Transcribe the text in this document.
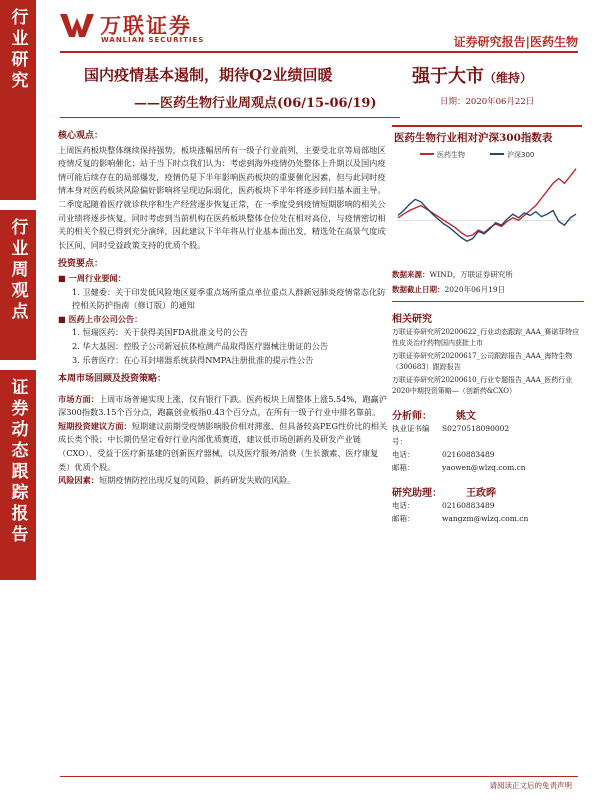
万联证券
WANLIAN SECURITIES	证券研究报告|医药生物
行业研究
行业周观点
证券动态跟踪报告
国内疫情基本遏制，期待Q2业绩回暖
——医药生物行业周观点(06/15-06/19)
强于大市（维持）
日期：2020年06月22日

核心观点：

上周医药板块整体继续保持强势，板块涨幅居所有一级子行业前列，主要受北京等局部地区疫情反复的影响催化；站于当下时点我们认为：考虑到海外疫情仍处整体上升期以及国内疫情可能后续存在的局部爆发，疫情仍是下半年影响医药板块的重要催化因素，但与此同时疫情本身对医药板块风险偏好影响将呈现边际弱化，医药板块下半年将逐步回归基本面主导。二季度起随着医疗就诊秩序和生产经营逐步恢复正常，在一季度受到疫情短期影响的相关公司业绩将逐步恢复，同时考虑到当前机构在医药板块整体仓位处在相对高位，与疫情密切相关的相关个股已得到充分演绎，因此建议下半年将从行业基本面出发，精选处在高景气度成长区间、同时受益政策支持的优质个股。

投资要点：

■ 一周行业要闻：

1. 卫健委：关于印发低风险地区夏季重点场所重点单位重点人群新冠肺炎疫情常态化防控相关防护指南（修订版）的通知

■ 医药上市公司公告：

1. 恒瑞医药：关于获得美国FDA批准文号的公告

2. 华大基因：控股子公司新冠抗体检测产品取得医疗器械注册证的公告

3. 乐普医疗：在心耳封堵器系统获得NMPA注册批准的提示性公告

本周市场回顾及投资策略：

市场方面：上周市场普遍实现上涨，仅有银行下跌。医药板块上周整体上涨5.54%，跑赢沪深300指数3.15个百分点，跑赢创业板指0.43个百分点，在所有一级子行业中排名靠前。

短期投资建议方面：短期建议前期受疫情影响股价相对滞涨、但具备较高PEG性价比的相关成长类个股；中长期仍坚定看好行业内部优质赛道，建议低市场创新药及研发产业链（CXO）、受益于医疗新基建的创新医疗器械、以及医疗服务/消费（生长激素、医疗康复类）优质个股。

风险因素：短期疫情防控出现反复的风险、新药研发失败的风险。

医药生物行业相对沪深300指数表
医药生物	沪深300
数据来源：WIND，万联证券研究所
数据截止日期：2020年06月19日
相关研究
万联证券研究所20200622_行业动态跟踪_AAA_赛诺菲特应性皮炎治疗药物国内获批上市
万联证券研究所20200617_公司跟踪报告_AAA_海特生物（300683）跟踪报告
万联证券研究所20200610_行业专题报告_AAA_医药行业2020中期投资策略—（创新药&CXO）
分析师： 姚文
执业证书编号：
S0270518090002
电话：	02160883489
邮箱：	yaowen@wlzq.com.cn
研究助理： 王政晔
电话：	02160883489
邮箱：	wangzm@wlzq.com.cn
请阅读正文后的免责声明
